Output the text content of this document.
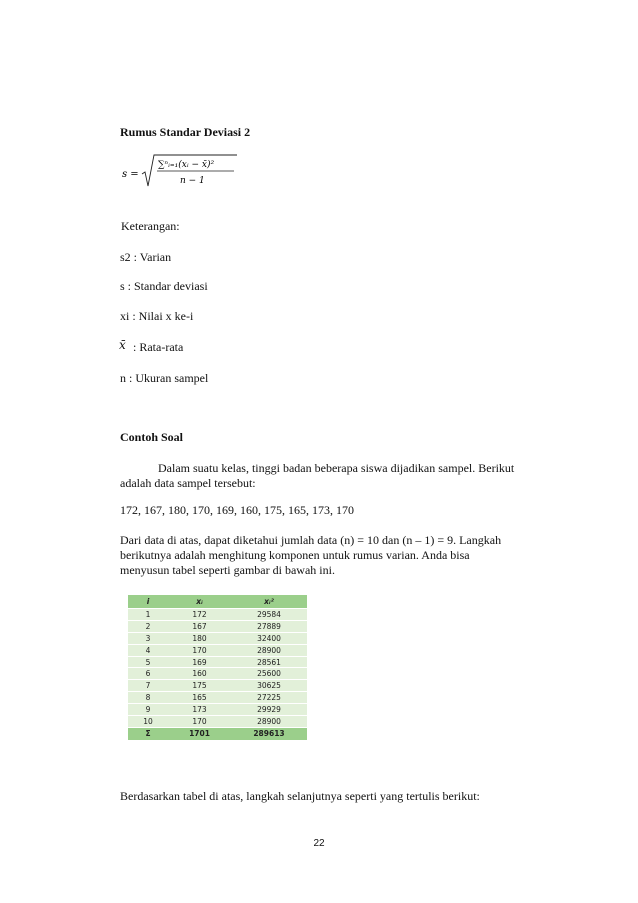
Rumus Standar Deviasi 2
s =
∑ⁿᵢ₌₁(xᵢ − x̄)²
n − 1
Keterangan:
s2 : Varian
s : Standar deviasi
xi : Nilai x ke-i
x̄ : Rata-rata
n : Ukuran sampel
Contoh Soal
Dalam suatu kelas, tinggi badan beberapa siswa dijadikan sampel. Berikut
adalah data sampel tersebut:
172, 167, 180, 170, 169, 160, 175, 165, 173, 170
Dari data di atas, dapat diketahui jumlah data (n) = 10 dan (n – 1) = 9. Langkah
berikutnya adalah menghitung komponen untuk rumus varian. Anda bisa
menyusun tabel seperti gambar di bawah ini.
i	xᵢ	xᵢ²
1	172	29584
2	167	27889
3	180	32400
4	170	28900
5	169	28561
6	160	25600
7	175	30625
8	165	27225
9	173	29929
10	170	28900
Σ	1701	289613
Berdasarkan tabel di atas, langkah selanjutnya seperti yang tertulis berikut:
22
